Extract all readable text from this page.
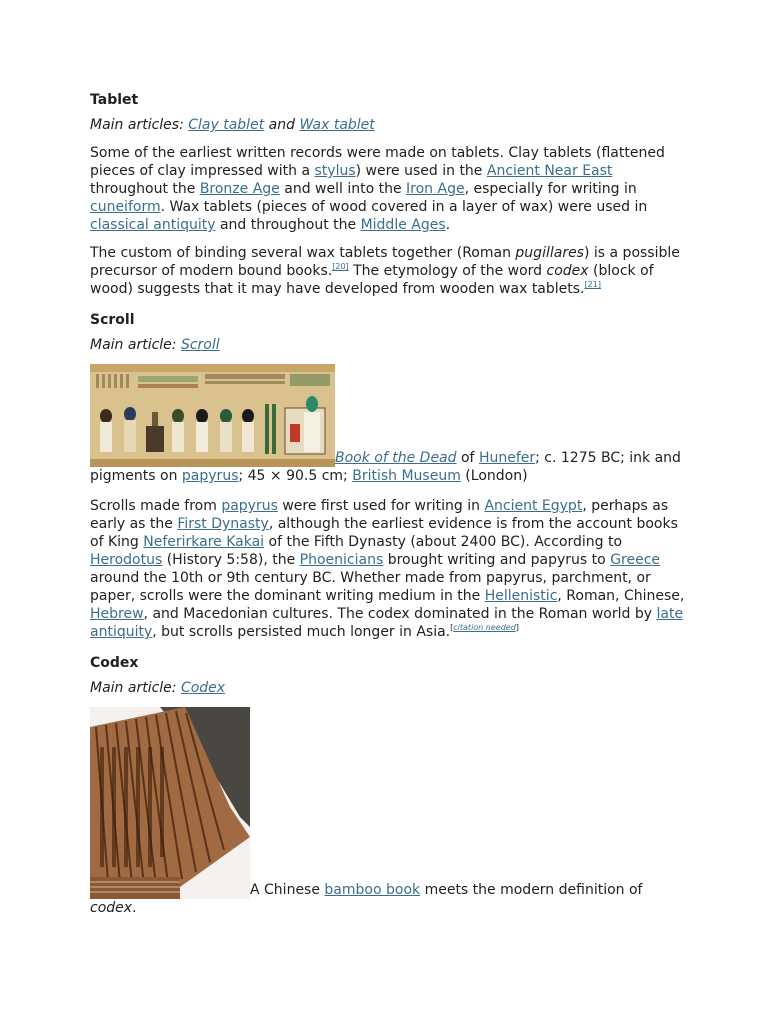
Tablet
Main articles: Clay tablet and Wax tablet

Some of the earliest written records were made on tablets. Clay tablets (flattened pieces of clay impressed with a stylus) were used in the Ancient Near East throughout the Bronze Age and well into the Iron Age, especially for writing in cuneiform. Wax tablets (pieces of wood covered in a layer of wax) were used in classical antiquity and throughout the Middle Ages.

The custom of binding several wax tablets together (Roman pugillares) is a possible precursor of modern bound books.[20] The etymology of the word codex (block of wood) suggests that it may have developed from wooden wax tablets.[21]

Scroll
Main article: Scroll
Book of the Dead of Hunefer; c. 1275 BC; ink and pigments on papyrus; 45 × 90.5 cm; British Museum (London)

Scrolls made from papyrus were first used for writing in Ancient Egypt, perhaps as early as the First Dynasty, although the earliest evidence is from the account books of King Neferirkare Kakai of the Fifth Dynasty (about 2400 BC). According to Herodotus (History 5:58), the Phoenicians brought writing and papyrus to Greece around the 10th or 9th century BC. Whether made from papyrus, parchment, or paper, scrolls were the dominant writing medium in the Hellenistic, Roman, Chinese, Hebrew, and Macedonian cultures. The codex dominated in the Roman world by late antiquity, but scrolls persisted much longer in Asia.[citation needed]

Codex
Main article: Codex
A Chinese bamboo book meets the modern definition of codex.
